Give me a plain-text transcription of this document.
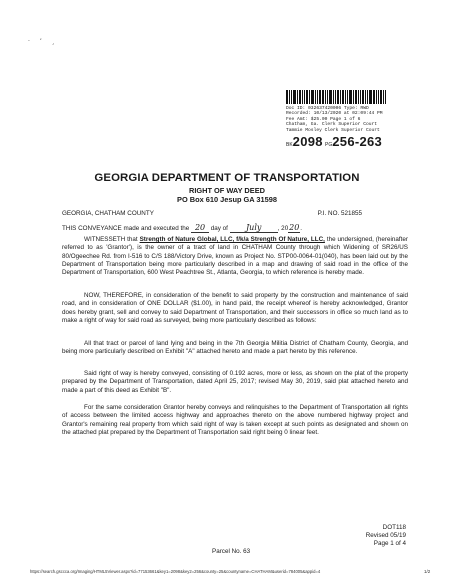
· ’ ¸
Doc ID: 032637420006 Type: RWD
Recorded: 10/13/2020 at 02:09:44 PM
Fee Amt: $25.00 Page 1 of 6
Chatham, Ga. Clerk Superior Court
Tammie Mosley Clerk Superior Court
BK2098 PG256-263
GEORGIA DEPARTMENT OF TRANSPORTATION
RIGHT OF WAY DEED
PO Box 610 Jesup GA 31598
GEORGIA, CHATHAM COUNTY	P.I. NO. 521855
THIS CONVEYANCE made and executed the 20 day of July	, 2020.

WITNESSETH that Strength of Nature Global, LLC, f/k/a Strength Of Nature, LLC, the undersigned, (hereinafter referred to as 'Grantor'), is the owner of a tract of land in CHATHAM County through which Widening of SR26/US 80/Ogeechee Rd. from I-516 to C/S 188/Victory Drive, known as Project No. STP00-0064-01(040), has been laid out by the Department of Transportation being more particularly described in a map and drawing of said road in the office of the Department of Transportation, 600 West Peachtree St., Atlanta, Georgia, to which reference is hereby made.

NOW, THEREFORE, in consideration of the benefit to said property by the construction and maintenance of said road, and in consideration of ONE DOLLAR ($1.00), in hand paid, the receipt whereof is hereby acknowledged, Grantor does hereby grant, sell and convey to said Department of Transportation, and their successors in office so much land as to make a right of way for said road as surveyed, being more particularly described as follows:

All that tract or parcel of land lying and being in the 7th Georgia Militia District of Chatham County, Georgia, and being more particularly described on Exhibit "A" attached hereto and made a part hereto by this reference.

Said right of way is hereby conveyed, consisting of 0.192 acres, more or less, as shown on the plat of the property prepared by the Department of Transportation, dated April 25, 2017; revised May 30, 2019, said plat attached hereto and made a part of this deed as Exhibit "B".

For the same consideration Grantor hereby conveys and relinquishes to the Department of Transportation all rights of access between the limited access highway and approaches thereto on the above numbered highway project and Grantor's remaining real property from which said right of way is taken except at such points as designated and shown on the attached plat prepared by the Department of Transportation said right being 0 linear feet.

DOT118
Revised 05/19
Page 1 of 4
Parcel No. 63
https://search.gsccca.org/Imaging/HTML5Viewer.aspx?id=77153661&key1=2098&key2=256&county=25&countyname=CHATHAM&userid=784005&appid=4	1/2
